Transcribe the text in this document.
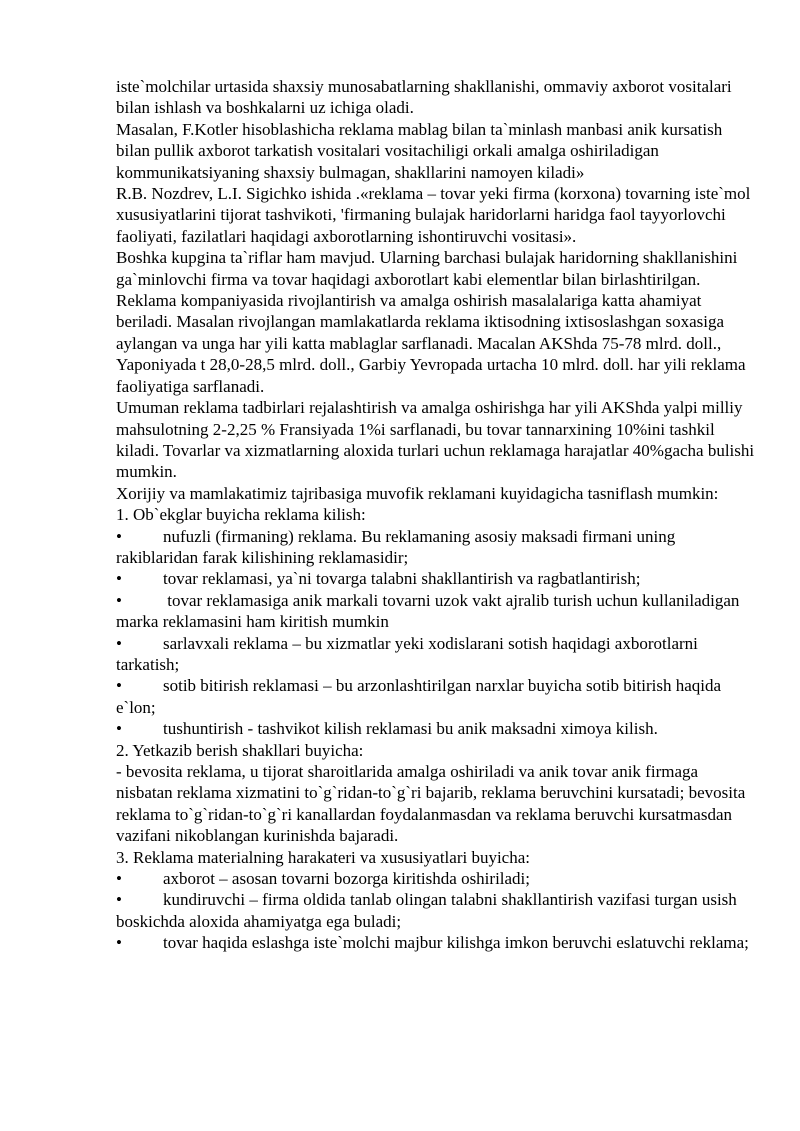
iste`molchilar urtasida shaxsiy munosabatlarning shakllanishi, ommaviy axborot vositalari bilan ishlash va boshkalarni uz ichiga oladi.

Masalan, F.Kotler hisoblashicha reklama mablag bilan ta`minlash manbasi anik kursatish bilan pullik axborot tarkatish vositalari vositachiligi orkali amalga oshiriladigan kommunikatsiyaning shaxsiy bulmagan, shakllarini namoyen kiladi»

R.B. Nozdrev, L.I. Sigichko ishida .«reklama – tovar yeki firma (korxona) tovarning iste`mol xususiyatlarini tijorat tashvikoti, 'firmaning bulajak haridorlarni haridga faol tayyorlovchi faoliyati, fazilatlari haqidagi axborotlarning ishontiruvchi vositasi».

Boshka kupgina ta`riflar ham mavjud. Ularning barchasi bulajak haridorning shakllanishini ga`minlovchi firma va tovar haqidagi axborotlart kabi elementlar bilan birlashtirilgan.

Reklama kompaniyasida rivojlantirish va amalga oshirish masalalariga katta ahamiyat beriladi. Masalan rivojlangan mamlakatlarda reklama iktisodning ixtisoslashgan soxasiga aylangan va unga har yili katta mablaglar sarflanadi. Macalan AKShda 75-78 mlrd. doll., Yaponiyada t 28,0-28,5 mlrd. doll., Garbiy Yevropada urtacha 10 mlrd. doll. har yili reklama faoliyatiga sarflanadi.

Umuman reklama tadbirlari rejalashtirish va amalga oshirishga har yili AKShda yalpi milliy mahsulotning 2-2,25 % Fransiyada 1%i sarflanadi, bu tovar tannarxining 10%ini tashkil kiladi. Tovarlar va xizmatlarning aloxida turlari uchun reklamaga harajatlar 40%gacha bulishi mumkin.

Xorijiy va mamlakatimiz tajribasiga muvofik reklamani kuyidagicha tasniflash mumkin:

1. Ob`ekglar buyicha reklama kilish:

• nufuzli (firmaning) reklama. Bu reklamaning asosiy maksadi firmani uning rakiblaridan farak kilishining reklamasidir;

• tovar reklamasi, ya`ni tovarga talabni shakllantirish va ragbatlantirish;

• tovar reklamasiga anik markali tovarni uzok vakt ajralib turish uchun kullaniladigan marka reklamasini ham kiritish mumkin

• sarlavxali reklama – bu xizmatlar yeki xodislarani sotish haqidagi axborotlarni tarkatish;

• sotib bitirish reklamasi – bu arzonlashtirilgan narxlar buyicha sotib bitirish haqida e`lon;

• tushuntirish - tashvikot kilish reklamasi bu anik maksadni ximoya kilish.

2. Yetkazib berish shakllari buyicha:

- bevosita reklama, u tijorat sharoitlarida amalga oshiriladi va anik tovar anik firmaga nisbatan reklama xizmatini to`g`ridan-to`g`ri bajarib, reklama beruvchini kursatadi; bevosita reklama to`g`ridan-to`g`ri kanallardan foydalanmasdan va reklama beruvchi kursatmasdan vazifani nikoblangan kurinishda bajaradi.

3. Reklama materialning harakateri va xususiyatlari buyicha:

• axborot – asosan tovarni bozorga kiritishda oshiriladi;

• kundiruvchi – firma oldida tanlab olingan talabni shakllantirish vazifasi turgan usish boskichda aloxida ahamiyatga ega buladi;

• tovar haqida eslashga iste`molchi majbur kilishga imkon beruvchi eslatuvchi reklama;
